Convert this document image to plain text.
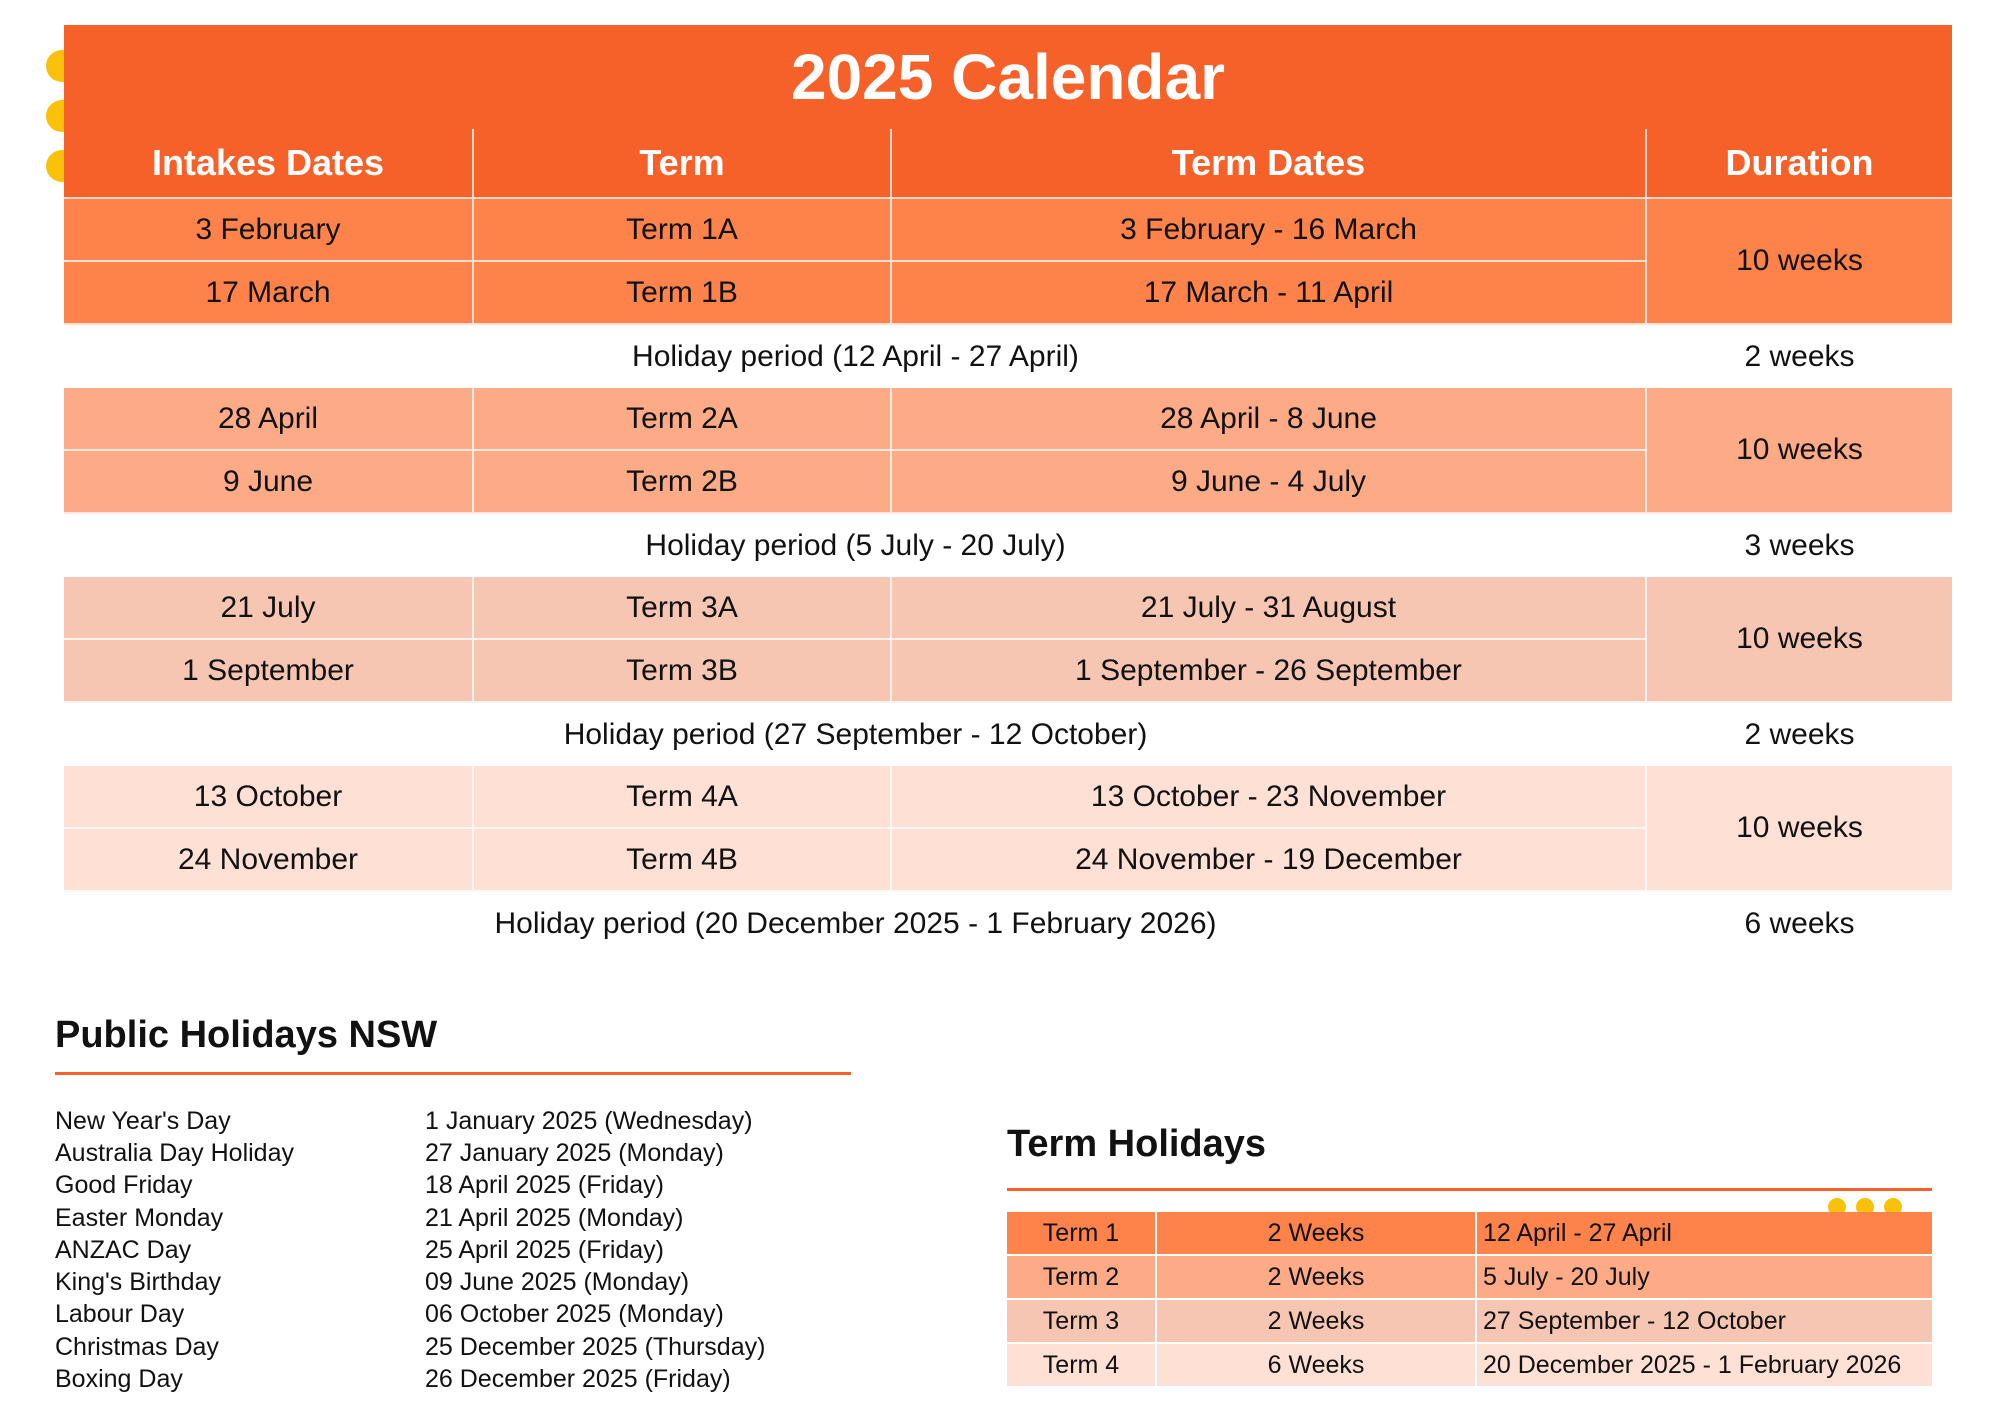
2025 Calendar
Intakes Dates	Term	Term Dates	Duration
3 February	Term 1A	3 February - 16 March
17 March	Term 1B	17 March - 11 April
10 weeks
Holiday period (12 April - 27 April)	2 weeks
28 April	Term 2A	28 April - 8 June
9 June	Term 2B	9 June - 4 July
10 weeks
Holiday period (5 July - 20 July)	3 weeks
21 July	Term 3A	21 July - 31 August
1 September	Term 3B	1 September - 26 September
10 weeks
Holiday period (27 September - 12 October)	2 weeks
13 October	Term 4A	13 October - 23 November
24 November	Term 4B	24 November - 19 December
10 weeks
Holiday period (20 December 2025 - 1 February 2026)	6 weeks
Public Holidays NSW
New Year's Day	1 January 2025 (Wednesday)
Australia Day Holiday	27 January 2025 (Monday)
Good Friday	18 April 2025 (Friday)
Easter Monday	21 April 2025 (Monday)
ANZAC Day	25 April 2025 (Friday)
King's Birthday	09 June 2025 (Monday)
Labour Day	06 October 2025 (Monday)
Christmas Day	25 December 2025 (Thursday)
Boxing Day	26 December 2025 (Friday)
Term Holidays
Term 1	2 Weeks	12 April - 27 April
Term 2	2 Weeks	5 July - 20 July
Term 3	2 Weeks	27 September - 12 October
Term 4	6 Weeks	20 December 2025 - 1 February 2026
